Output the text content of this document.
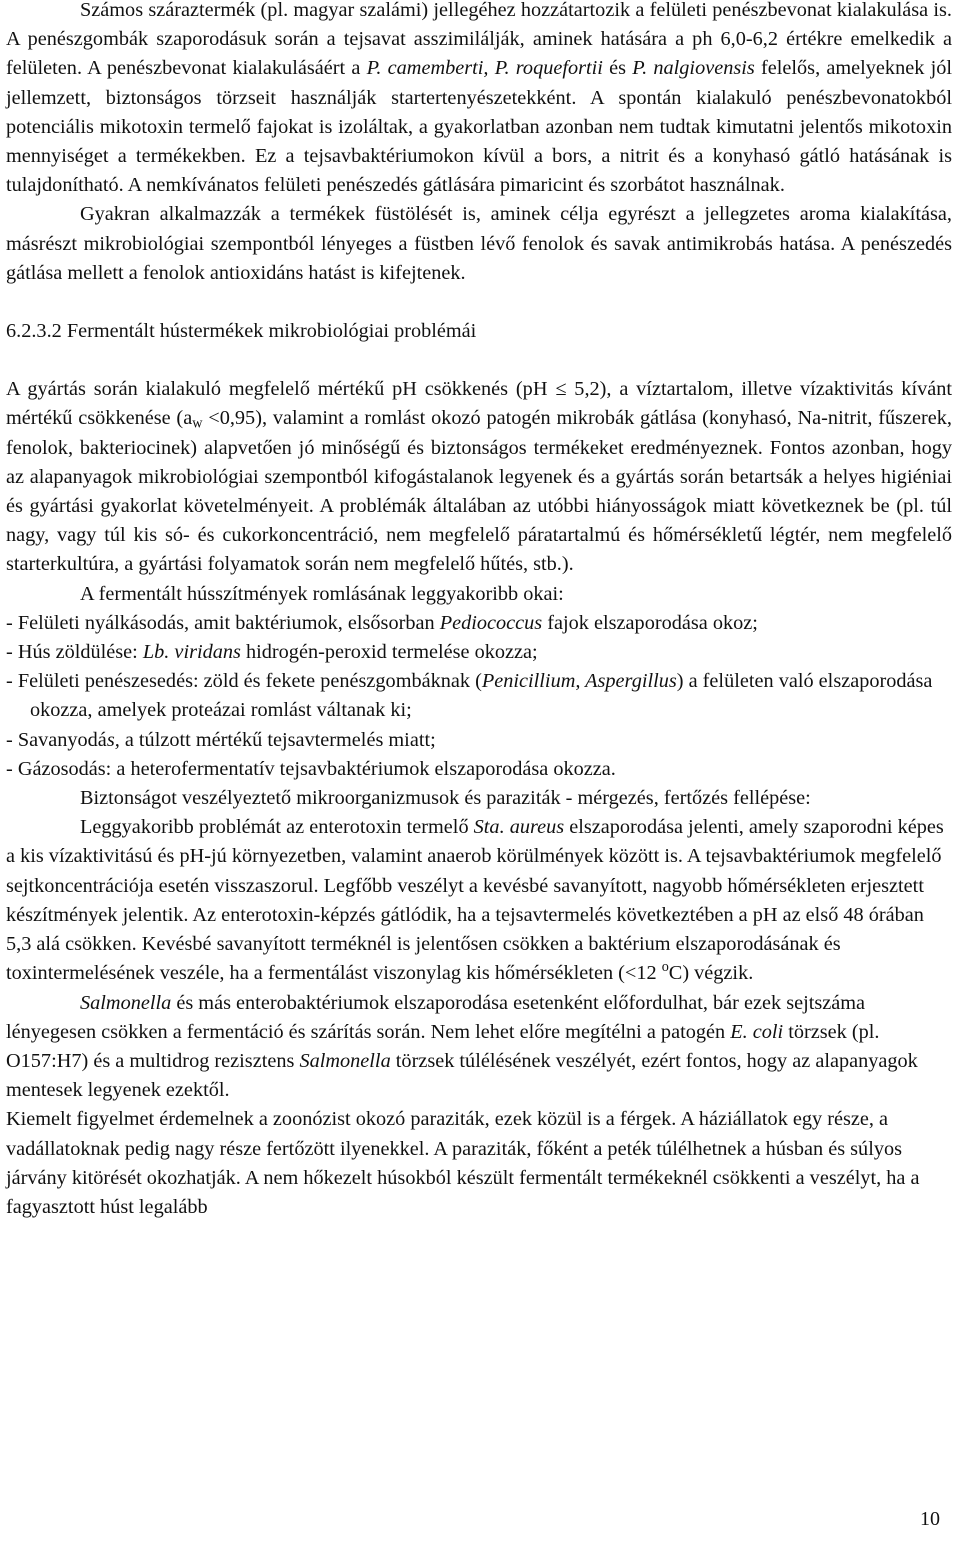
Számos száraztermék (pl. magyar szalámi) jellegéhez hozzátartozik a felületi penészbevonat kialakulása is. A penészgombák szaporodásuk során a tejsavat asszimilálják, aminek hatására a ph 6,0-6,2 értékre emelkedik a felületen. A penészbevonat kialakulásáért a P. camemberti, P. roquefortii és P. nalgiovensis felelős, amelyeknek jól jellemzett, biztonságos törzseit használják startertenyészetekként. A spontán kialakuló penészbevonatokból potenciális mikotoxin termelő fajokat is izoláltak, a gyakorlatban azonban nem tudtak kimutatni jelentős mikotoxin mennyiséget a termékekben. Ez a tejsavbaktériumokon kívül a bors, a nitrit és a konyhasó gátló hatásának is tulajdonítható. A nemkívánatos felületi penészedés gátlására pimaricint és szorbátot használnak.

Gyakran alkalmazzák a termékek füstölését is, aminek célja egyrészt a jellegzetes aroma kialakítása, másrészt mikrobiológiai szempontból lényeges a füstben lévő fenolok és savak antimikrobás hatása. A penészedés gátlása mellett a fenolok antioxidáns hatást is kifejtenek.

6.2.3.2 Fermentált hústermékek mikrobiológiai problémái

A gyártás során kialakuló megfelelő mértékű pH csökkenés (pH ≤ 5,2), a víztartalom, illetve vízaktivitás kívánt mértékű csökkenése $(a_w <0,95)$, valamint a romlást okozó patogén mikrobák gátlása (konyhasó, Na-nitrit, fűszerek, fenolok, bakteriocinek) alapvetően jó minőségű és biztonságos termékeket eredményeznek. Fontos azonban, hogy az alapanyagok mikrobiológiai szempontból kifogástalanok legyenek és a gyártás során betartsák a helyes higiéniai és gyártási gyakorlat követelményeit. A problémák általában az utóbbi hiányosságok miatt következnek be (pl. túl nagy, vagy túl kis só- és cukorkoncentráció, nem megfelelő páratartalmú és hőmérsékletű légtér, nem megfelelő starterkultúra, a gyártási folyamatok során nem megfelelő hűtés, stb.).

A fermentált hússzítmények romlásának leggyakoribb okai:

- Felületi nyálkásodás, amit baktériumok, elsősorban Pediococcus fajok elszaporodása okoz;

- Hús zöldülése: Lb. viridans hidrogén-peroxid termelése okozza;

- Felületi penészesedés: zöld és fekete penészgombáknak (Penicillium, Aspergillus) a felületen való elszaporodása okozza, amelyek proteázai romlást váltanak ki;

- Savanyodás, a túlzott mértékű tejsavtermelés miatt;

- Gázosodás: a heterofermentatív tejsavbaktériumok elszaporodása okozza.

Biztonságot veszélyeztető mikroorganizmusok és paraziták - mérgezés, fertőzés fellépése:

Leggyakoribb problémát az enterotoxin termelő Sta. aureus elszaporodása jelenti, amely szaporodni képes a kis vízaktivitású és pH-jú környezetben, valamint anaerob körülmények között is. A tejsavbaktériumok megfelelő sejtkoncentrációja esetén visszaszorul. Legfőbb veszélyt a kevésbé savanyított, nagyobb hőmérsékleten erjesztett készítmények jelentik. Az enterotoxin-képzés gátlódik, ha a tejsavtermelés következtében a pH az első 48 órában 5,3 alá csökken. Kevésbé savanyított terméknél is jelentősen csökken a baktérium elszaporodásának és toxintermelésének veszéle, ha a fermentálást viszonylag kis hőmérsékleten (<12 $^o$C) végzik.

Salmonella és más enterobaktériumok elszaporodása esetenként előfordulhat, bár ezek sejtszáma lényegesen csökken a fermentáció és szárítás során. Nem lehet előre megítélni a patogén E. coli törzsek (pl. O157:H7) és a multidrog rezisztens Salmonella törzsek túlélésének veszélyét, ezért fontos, hogy az alapanyagok mentesek legyenek ezektől.

Kiemelt figyelmet érdemelnek a zoonózist okozó paraziták, ezek közül is a férgek. A háziállatok egy része, a vadállatoknak pedig nagy része fertőzött ilyenekkel. A paraziták, főként a peték túlélhetnek a húsban és súlyos járvány kitörését okozhatják. A nem hőkezelt húsokból készült fermentált termékeknél csökkenti a veszélyt, ha a fagyasztott húst legalább

10
